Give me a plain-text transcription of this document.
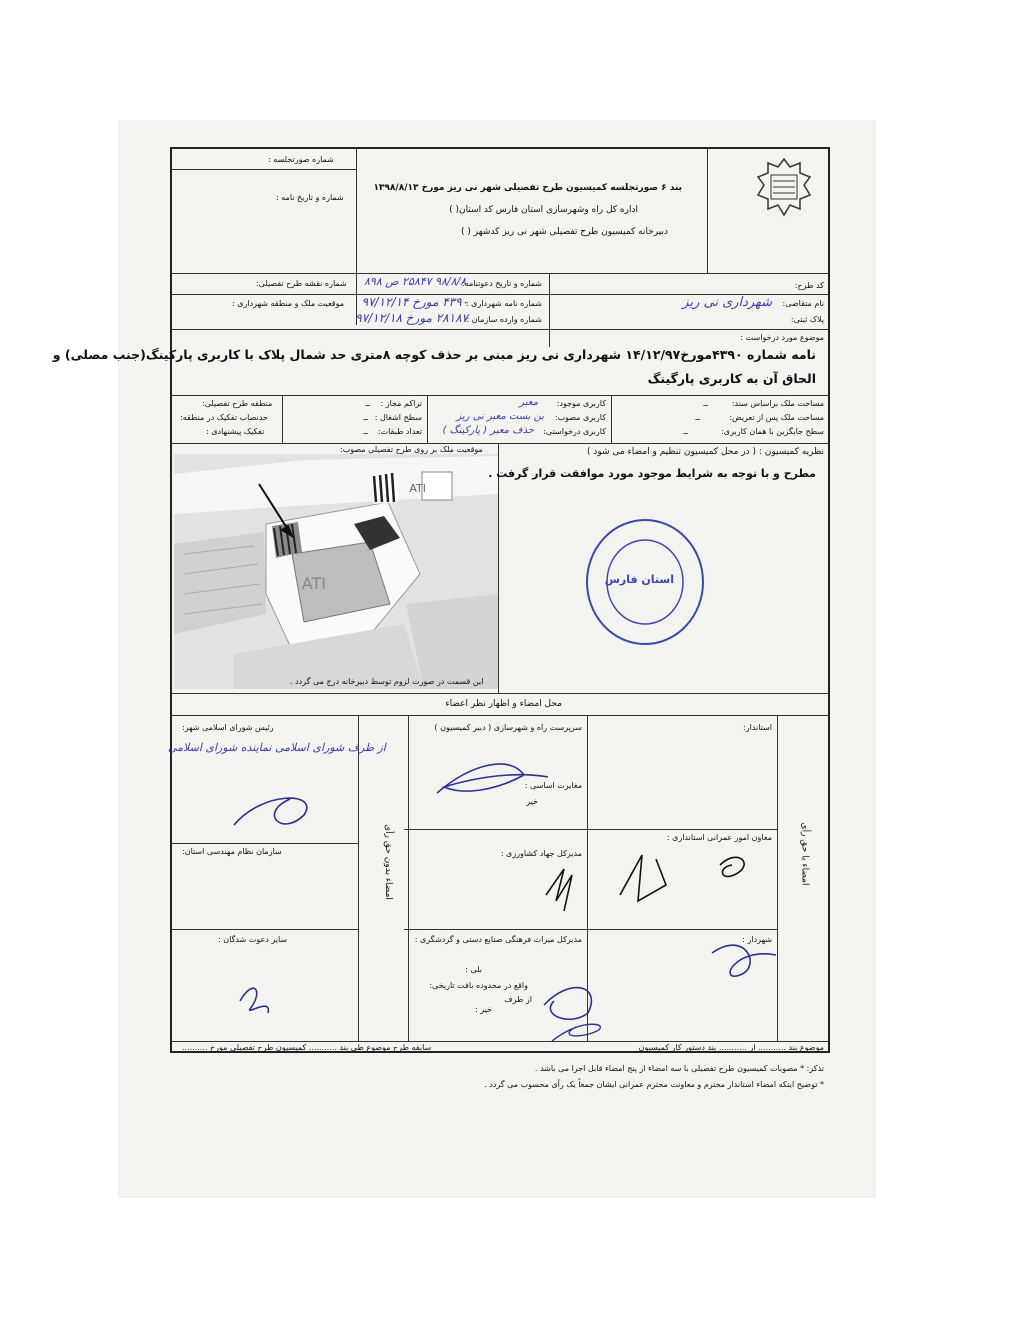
بند ۶ صورتجلسه کمیسیون طرح تفصیلی شهر نی ریز مورخ ۱۳۹۸/۸/۱۳
اداره کل راه وشهرسازی استان فارس کد استان( )
دبیرخانه کمیسیون طرح تفصیلی شهر نی ریز کدشهر ( )
شماره صورتجلسه :
شماره و تاریخ نامه :
کد طرح:
شماره و تاریخ دعوتنامه:
۹۸/۸/۸ ۲۵۸۴۷ ص ۸۹۸
شماره نقشه طرح تفصیلی:
نام متقاضی:
شهرداری نی ریز
پلاک ثبتی:
شماره نامه شهرداری :
۴۳۹۰ مورخ ۹۷/۱۲/۱۴
شماره وارده سازمان :
۲۸۱۸۷ مورخ ۹۷/۱۲/۱۸
موقعیت ملک و منطقه شهرداری :
موضوع مورد درخواست :
نامه شماره ۴۳۹۰مورخ۱۴/۱۲/۹۷ شهرداری نی ریز مبنی بر حذف کوچه ۸متری حد شمال پلاک با کاربری پارکینگ(جنب مصلی) و
الحاق آن به کاربری پارگینگ
مساحت ملک براساس سند:
ــ
مساحت ملک پس از تعریض:
ــ
سطح جایگزین با همان کاربری:
ــ
کاربری موجود:
معبر
کاربری مصوب:
بن بست معبر نی ریز
کاربری درخواستی:
حذف معبر ( پارکینگ )
تراکم مجاز :
ــ
سطح اشغال :
ــ
تعداد طبقات:
ــ
منطقه طرح تفصیلی:
حدنصاب تفکیک در منطقه:
تفکیک پیشنهادی :
موقعیت ملک بر روی طرح تفصیلی مصوب:
ATI
ATI
این قسمت در صورت لزوم توسط دبیرخانه درج می گردد .
نظریه کمیسیون : ( در محل کمیسیون تنظیم و امضاء می شود )
مطرح و با توجه به شرایط موجود مورد موافقت قرار گرفت .
استان فارس
محل امضاء و اظهار نظر اعضاء
امضاء با حق رأی
امضاء بدون حق رأی
استاندار:
معاون امور عمرانی استانداری :
شهردار :
سرپرست راه و شهرسازی ( دبیر کمیسیون )
مغایرت اساسی :
خیر
مدیرکل جهاد کشاورزی :
مدیرکل میراث فرهنگی صنایع دستی و گردشگری :
بلی :
واقع در محدوده بافت تاریخی:
از طرف
خیر :
رئیس شورای اسلامی شهر:
از طرف شورای اسلامی نماینده شورای اسلامی
سازمان نظام مهندسی استان:
سایر دعوت شدگان :
موضوع بند ........... از ........... بند دستور کار کمیسیون
سابقه طرح موضوع طی بند ........... کمیسیون طرح تفصیلی مورخ ..........
تذکر: * مصوبات کمیسیون طرح تفصیلی با سه امضاء از پنج امضاء قابل اجرا می باشد .
* توضیح اینکه امضاء استاندار محترم و معاونت محترم عمرانی ایشان جمعاً یک رأی محسوب می گردد .
